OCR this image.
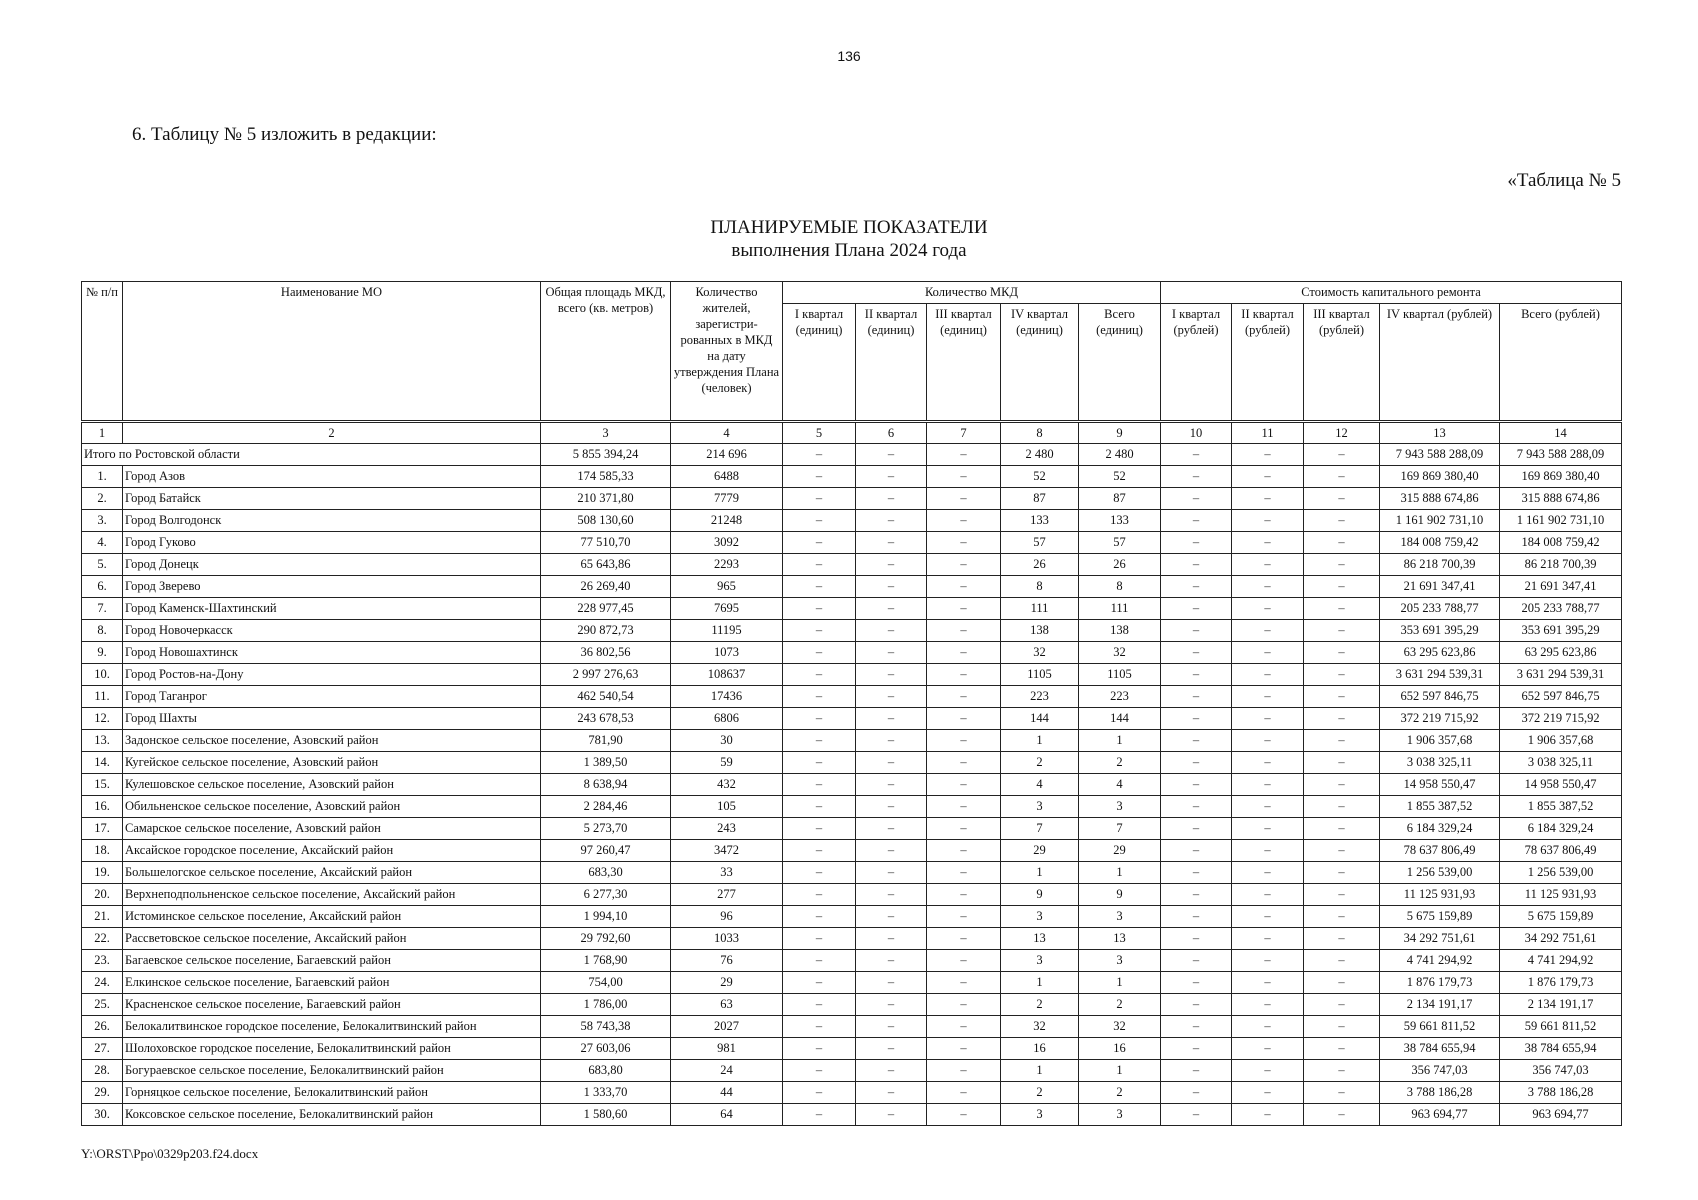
136
6. Таблицу № 5 изложить в редакции:
«Таблица № 5
ПЛАНИРУЕМЫЕ ПОКАЗАТЕЛИ
выполнения Плана 2024 года
№ п/п	Наименование МО	Общая площадь МКД, всего (кв. метров)	Количество жителей, зарегистри-рованных в МКД на дату утверждения Плана (человек)	Количество МКД					Стоимость капитального ремонта				
				I квартал (единиц)	II квартал (единиц)	III квартал (единиц)	IV квартал (единиц)	Всего (единиц)	I квартал (рублей)	II квартал (рублей)	III квартал (рублей)	IV квартал (рублей)	Всего (рублей)
1	2	3	4	5	6	7	8	9	10	11	12	13	14
Итого по Ростовской области		5 855 394,24	214 696	–	–	–	2 480	2 480	–	–	–	7 943 588 288,09	7 943 588 288,09
1.	Город Азов	174 585,33	6488	–	–	–	52	52	–	–	–	169 869 380,40	169 869 380,40
2.	Город Батайск	210 371,80	7779	–	–	–	87	87	–	–	–	315 888 674,86	315 888 674,86
3.	Город Волгодонск	508 130,60	21248	–	–	–	133	133	–	–	–	1 161 902 731,10	1 161 902 731,10
4.	Город Гуково	77 510,70	3092	–	–	–	57	57	–	–	–	184 008 759,42	184 008 759,42
5.	Город Донецк	65 643,86	2293	–	–	–	26	26	–	–	–	86 218 700,39	86 218 700,39
6.	Город Зверево	26 269,40	965	–	–	–	8	8	–	–	–	21 691 347,41	21 691 347,41
7.	Город Каменск-Шахтинский	228 977,45	7695	–	–	–	111	111	–	–	–	205 233 788,77	205 233 788,77
8.	Город Новочеркасск	290 872,73	11195	–	–	–	138	138	–	–	–	353 691 395,29	353 691 395,29
9.	Город Новошахтинск	36 802,56	1073	–	–	–	32	32	–	–	–	63 295 623,86	63 295 623,86
10.	Город Ростов-на-Дону	2 997 276,63	108637	–	–	–	1105	1105	–	–	–	3 631 294 539,31	3 631 294 539,31
11.	Город Таганрог	462 540,54	17436	–	–	–	223	223	–	–	–	652 597 846,75	652 597 846,75
12.	Город Шахты	243 678,53	6806	–	–	–	144	144	–	–	–	372 219 715,92	372 219 715,92
13.	Задонское сельское поселение, Азовский район	781,90	30	–	–	–	1	1	–	–	–	1 906 357,68	1 906 357,68
14.	Кугейское сельское поселение, Азовский район	1 389,50	59	–	–	–	2	2	–	–	–	3 038 325,11	3 038 325,11
15.	Кулешовское сельское поселение, Азовский район	8 638,94	432	–	–	–	4	4	–	–	–	14 958 550,47	14 958 550,47
16.	Обильненское сельское поселение, Азовский район	2 284,46	105	–	–	–	3	3	–	–	–	1 855 387,52	1 855 387,52
17.	Самарское сельское поселение, Азовский район	5 273,70	243	–	–	–	7	7	–	–	–	6 184 329,24	6 184 329,24
18.	Аксайское городское поселение, Аксайский район	97 260,47	3472	–	–	–	29	29	–	–	–	78 637 806,49	78 637 806,49
19.	Большелогское сельское поселение, Аксайский район	683,30	33	–	–	–	1	1	–	–	–	1 256 539,00	1 256 539,00
20.	Верхнеподпольненское сельское поселение, Аксайский район	6 277,30	277	–	–	–	9	9	–	–	–	11 125 931,93	11 125 931,93
21.	Истоминское сельское поселение, Аксайский район	1 994,10	96	–	–	–	3	3	–	–	–	5 675 159,89	5 675 159,89
22.	Рассветовское сельское поселение, Аксайский район	29 792,60	1033	–	–	–	13	13	–	–	–	34 292 751,61	34 292 751,61
23.	Багаевское сельское поселение, Багаевский район	1 768,90	76	–	–	–	3	3	–	–	–	4 741 294,92	4 741 294,92
24.	Елкинское сельское поселение, Багаевский район	754,00	29	–	–	–	1	1	–	–	–	1 876 179,73	1 876 179,73
25.	Красненское сельское поселение, Багаевский район	1 786,00	63	–	–	–	2	2	–	–	–	2 134 191,17	2 134 191,17
26.	Белокалитвинское городское поселение, Белокалитвинский район	58 743,38	2027	–	–	–	32	32	–	–	–	59 661 811,52	59 661 811,52
27.	Шолоховское городское поселение, Белокалитвинский район	27 603,06	981	–	–	–	16	16	–	–	–	38 784 655,94	38 784 655,94
28.	Богураевское сельское поселение, Белокалитвинский район	683,80	24	–	–	–	1	1	–	–	–	356 747,03	356 747,03
29.	Горняцкое сельское поселение, Белокалитвинский район	1 333,70	44	–	–	–	2	2	–	–	–	3 788 186,28	3 788 186,28
30.	Коксовское сельское поселение, Белокалитвинский район	1 580,60	64	–	–	–	3	3	–	–	–	963 694,77	963 694,77
Y:\ORST\Ppo\0329p203.f24.docx
